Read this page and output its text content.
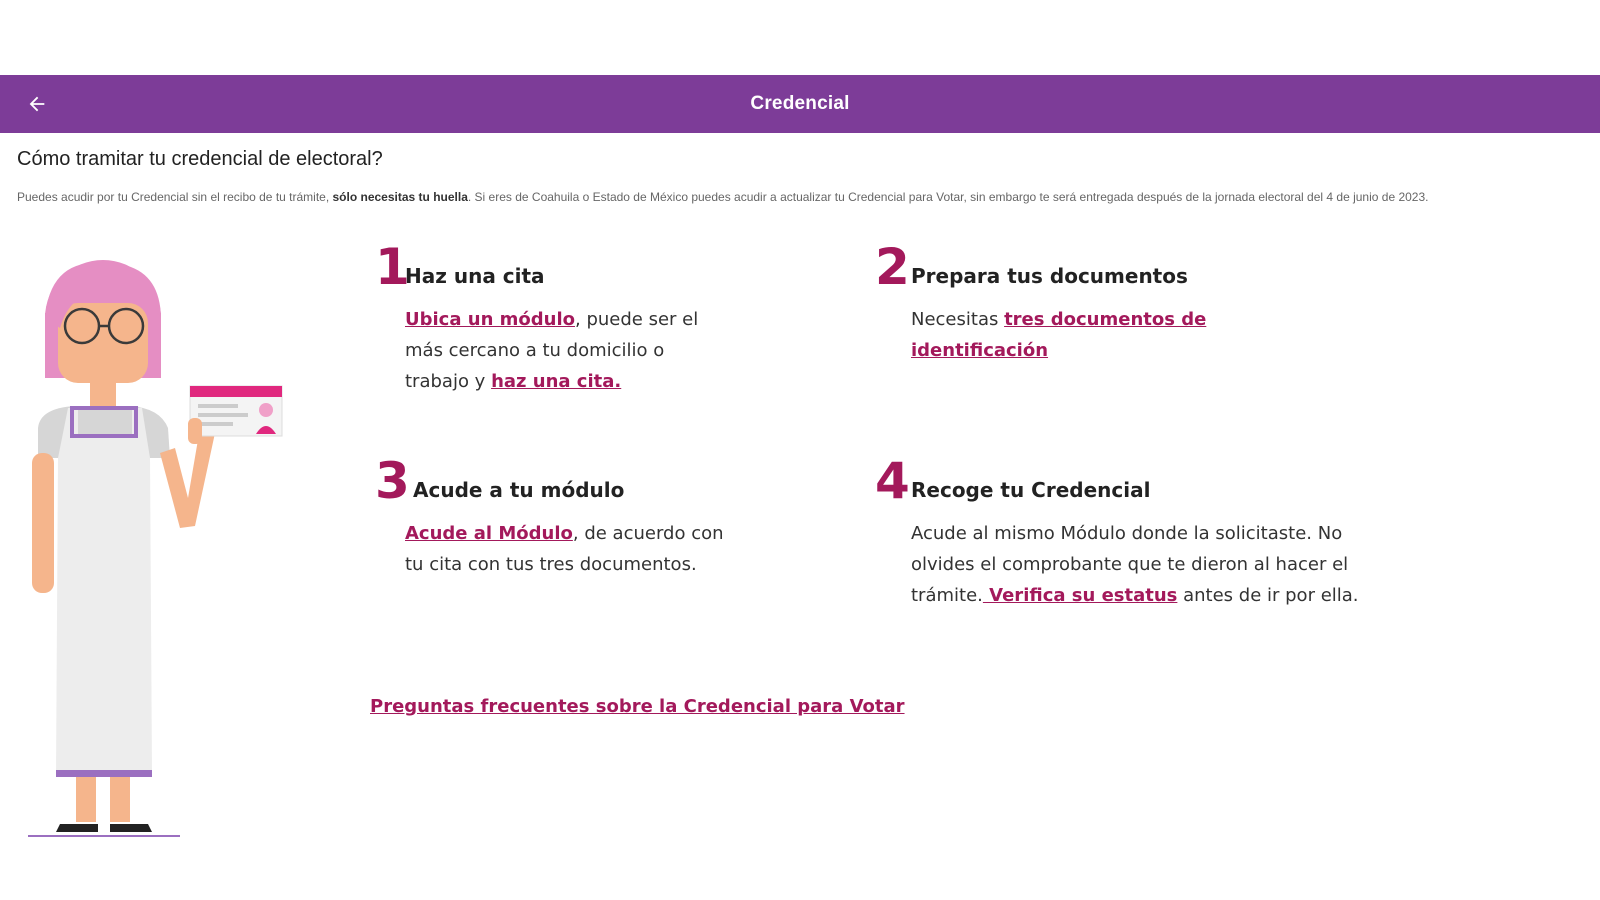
Credencial
Cómo tramitar tu credencial de electoral?
Puedes acudir por tu Credencial sin el recibo de tu trámite, sólo necesitas tu huella. Si eres de Coahuila o Estado de México puedes acudir a actualizar tu Credencial para Votar, sin embargo te será entregada después de la jornada electoral del 4 de junio de 2023.
1
Haz una cita
Ubica un módulo, puede ser el más cercano a tu domicilio o trabajo y haz una cita.
2 Prepara tus documentos
Necesitas tres documentos de identificación
3 Acude a tu módulo
Acude al Módulo, de acuerdo con tu cita con tus tres documentos.
4 Recoge tu Credencial
Acude al mismo Módulo donde la solicitaste. No olvides el comprobante que te dieron al hacer el trámite. Verifica su estatus antes de ir por ella.
Preguntas frecuentes sobre la Credencial para Votar
